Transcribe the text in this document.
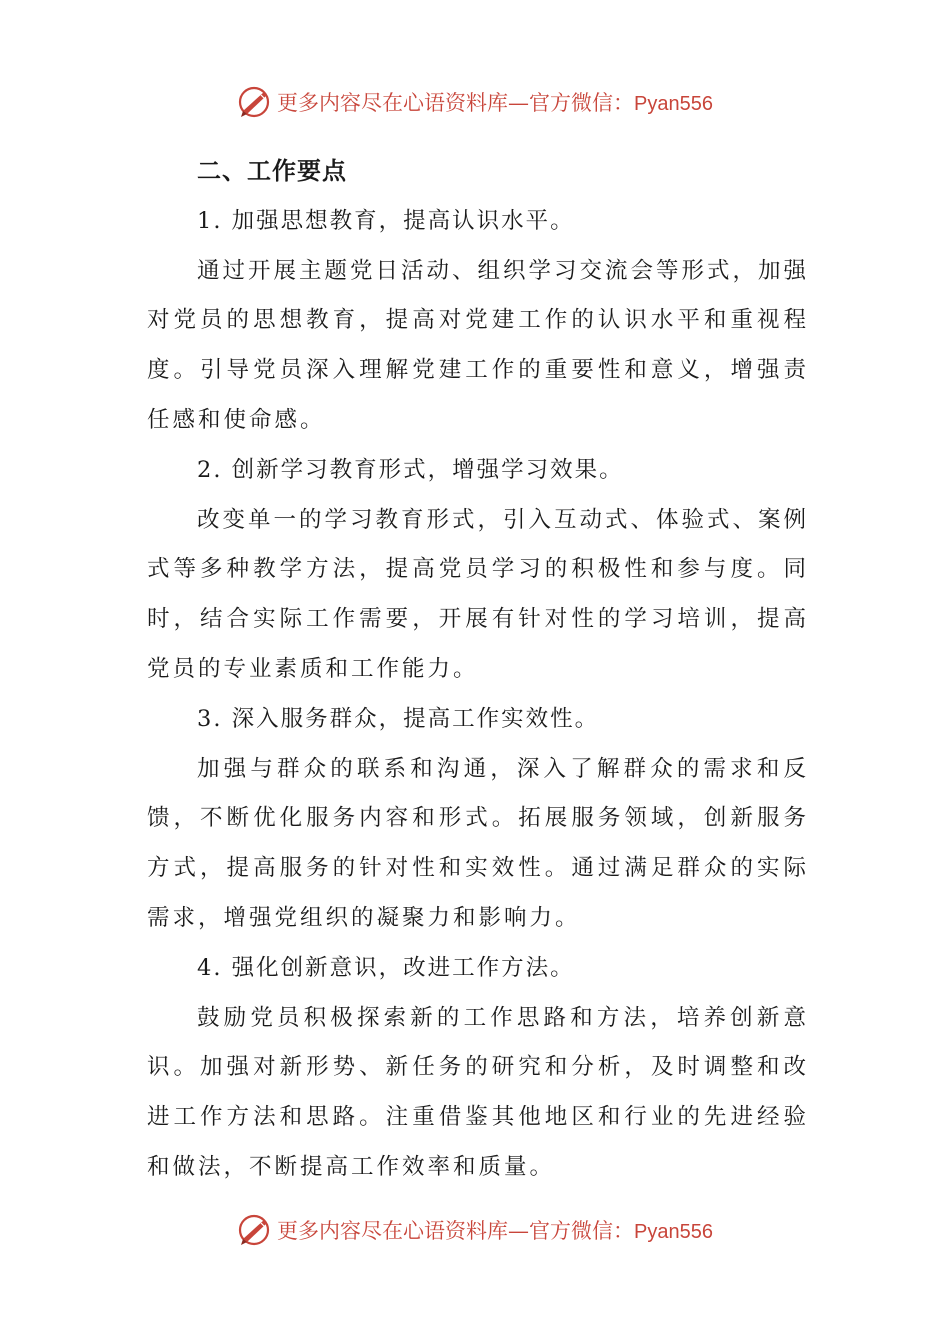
更多内容尽在心语资料库—官方微信：Pyan556

二、工作要点

1. 加强思想教育，提高认识水平。

通过开展主题党日活动、组织学习交流会等形式，加强对党员的思想教育，提高对党建工作的认识水平和重视程度。引导党员深入理解党建工作的重要性和意义，增强责任感和使命感。

2. 创新学习教育形式，增强学习效果。

改变单一的学习教育形式，引入互动式、体验式、案例式等多种教学方法，提高党员学习的积极性和参与度。同时，结合实际工作需要，开展有针对性的学习培训，提高党员的专业素质和工作能力。

3. 深入服务群众，提高工作实效性。

加强与群众的联系和沟通，深入了解群众的需求和反馈，不断优化服务内容和形式。拓展服务领域，创新服务方式，提高服务的针对性和实效性。通过满足群众的实际需求，增强党组织的凝聚力和影响力。

4. 强化创新意识，改进工作方法。

鼓励党员积极探索新的工作思路和方法，培养创新意识。加强对新形势、新任务的研究和分析，及时调整和改进工作方法和思路。注重借鉴其他地区和行业的先进经验和做法，不断提高工作效率和质量。

更多内容尽在心语资料库—官方微信：Pyan556
